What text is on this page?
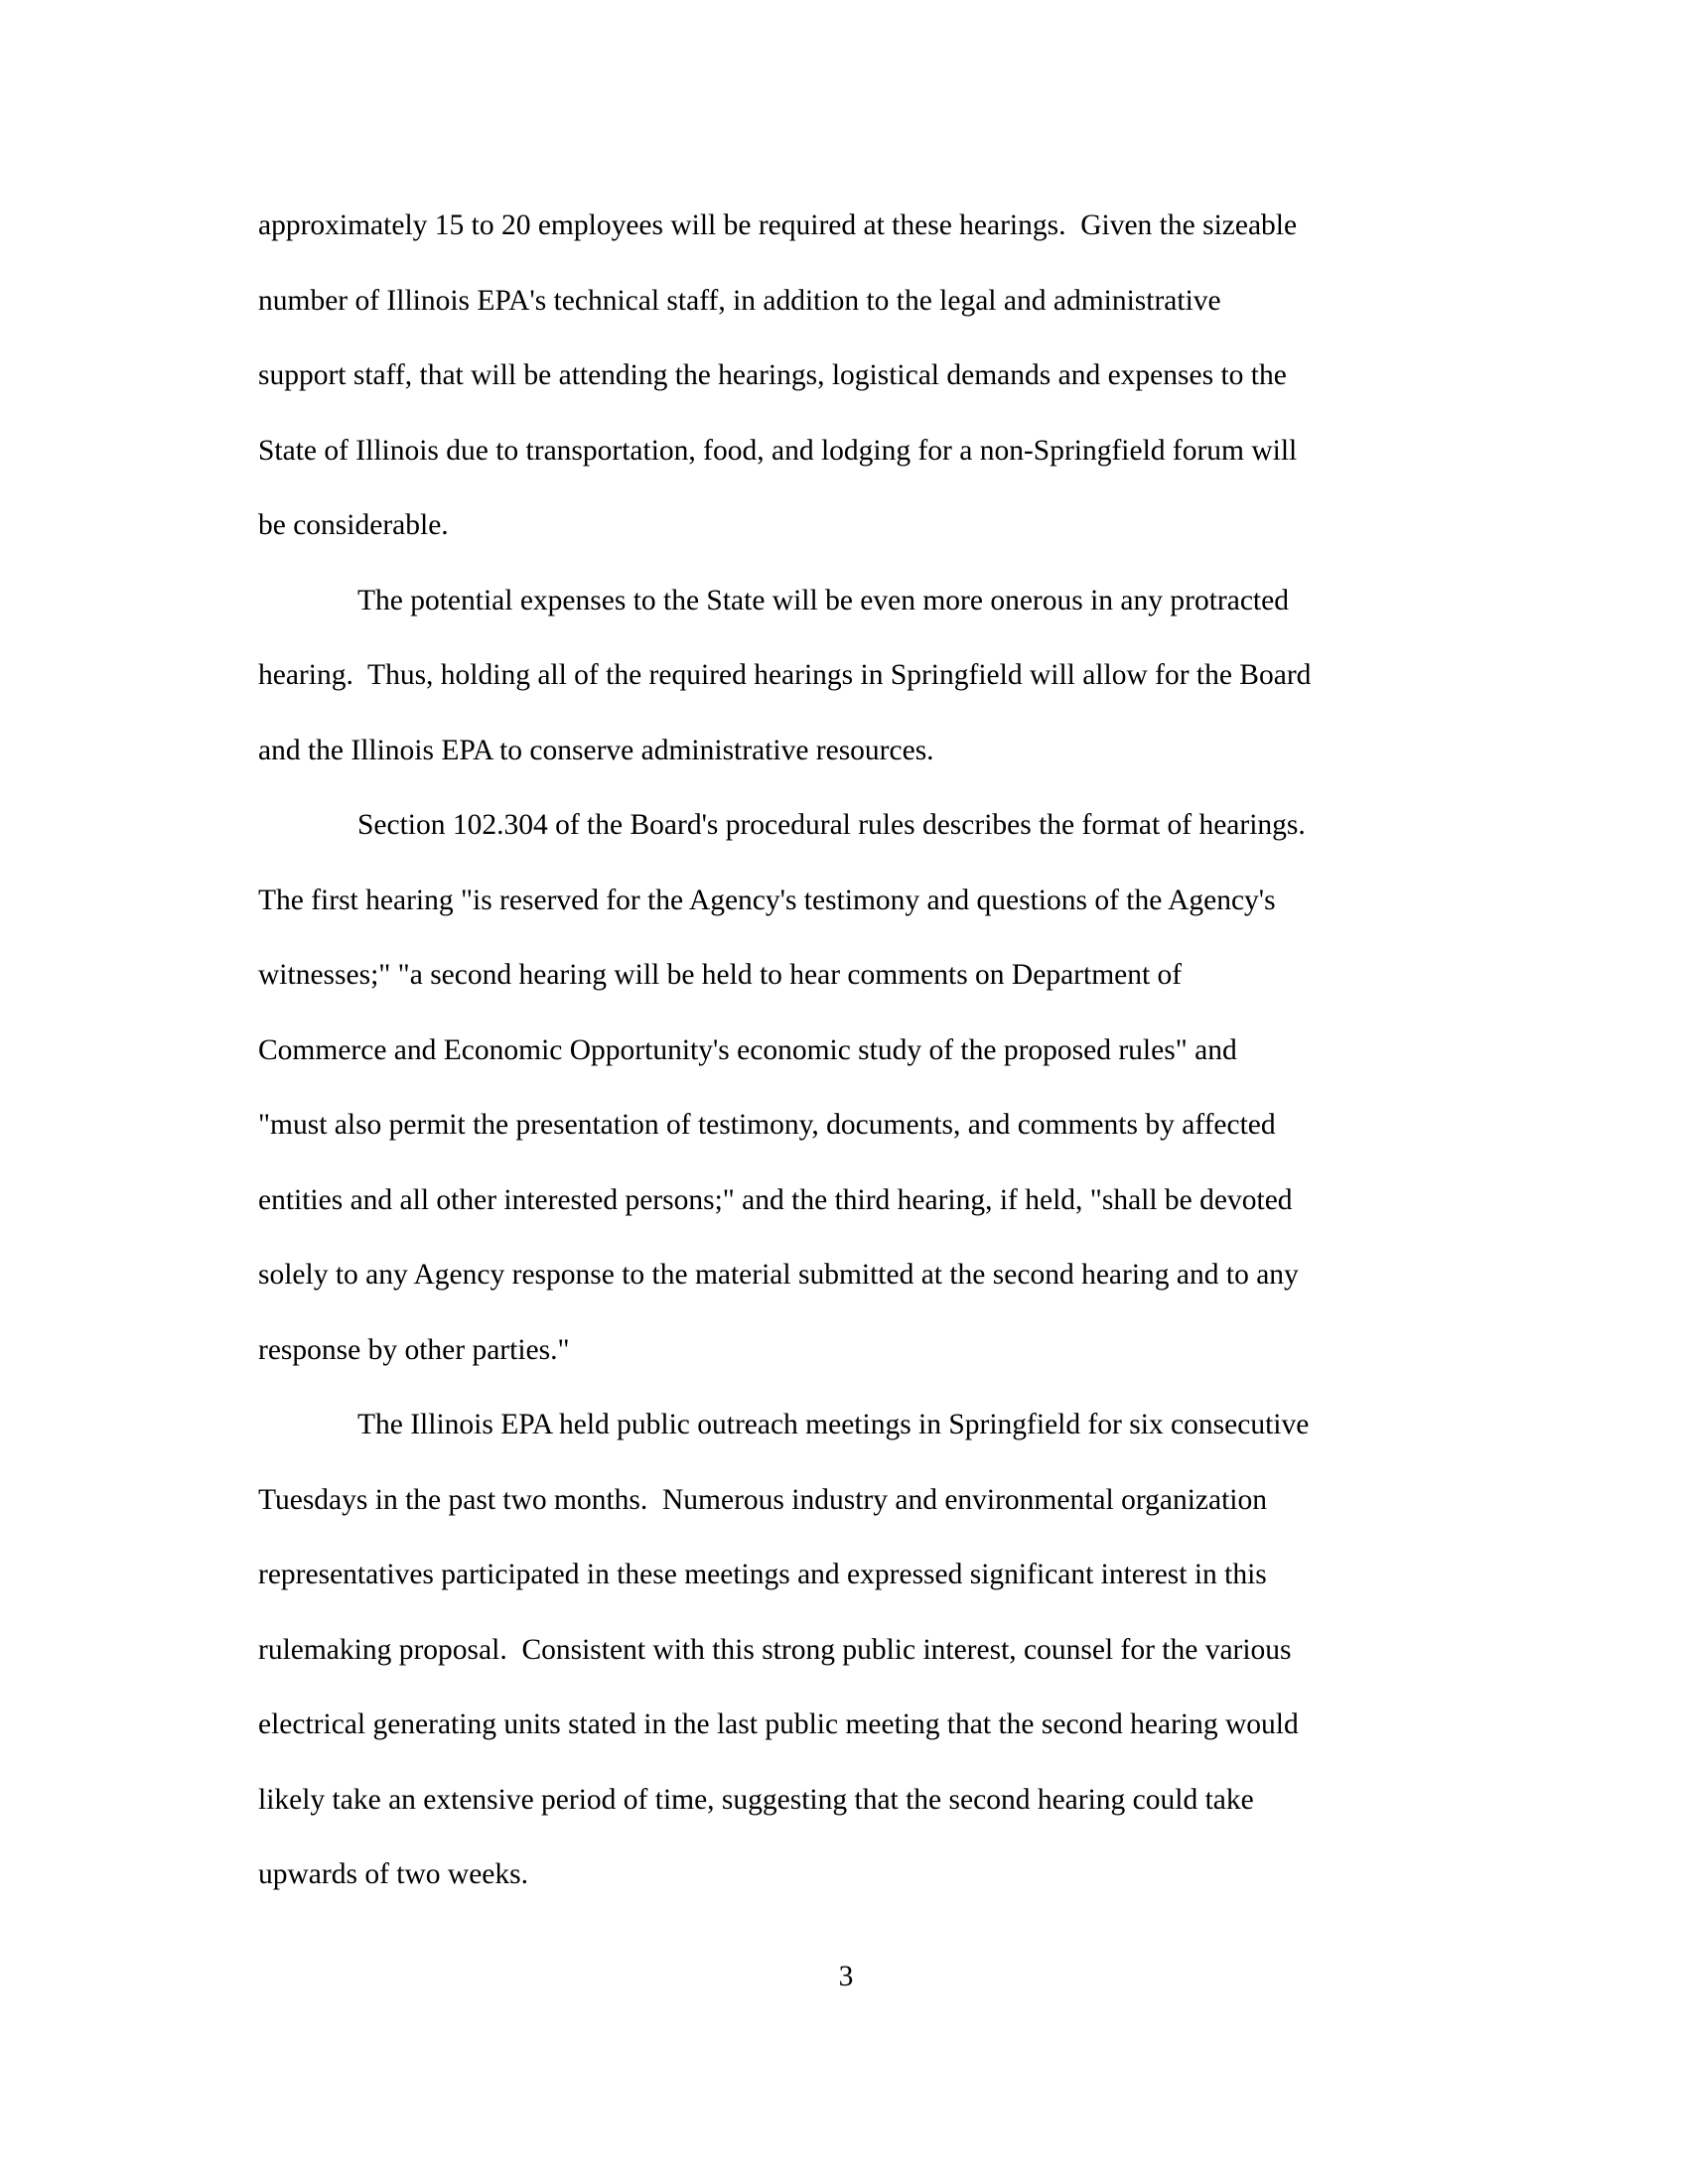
approximately 15 to 20 employees will be required at these hearings.  Given the sizeable
number of Illinois EPA's technical staff, in addition to the legal and administrative
support staff, that will be attending the hearings, logistical demands and expenses to the
State of Illinois due to transportation, food, and lodging for a non-Springfield forum will
be considerable.
The potential expenses to the State will be even more onerous in any protracted
hearing.  Thus, holding all of the required hearings in Springfield will allow for the Board
and the Illinois EPA to conserve administrative resources.
Section 102.304 of the Board's procedural rules describes the format of hearings.
The first hearing "is reserved for the Agency's testimony and questions of the Agency's
witnesses;" "a second hearing will be held to hear comments on Department of
Commerce and Economic Opportunity's economic study of the proposed rules" and
"must also permit the presentation of testimony, documents, and comments by affected
entities and all other interested persons;" and the third hearing, if held, "shall be devoted
solely to any Agency response to the material submitted at the second hearing and to any
response by other parties."
The Illinois EPA held public outreach meetings in Springfield for six consecutive
Tuesdays in the past two months.  Numerous industry and environmental organization
representatives participated in these meetings and expressed significant interest in this
rulemaking proposal.  Consistent with this strong public interest, counsel for the various
electrical generating units stated in the last public meeting that the second hearing would
likely take an extensive period of time, suggesting that the second hearing could take
upwards of two weeks.

3
